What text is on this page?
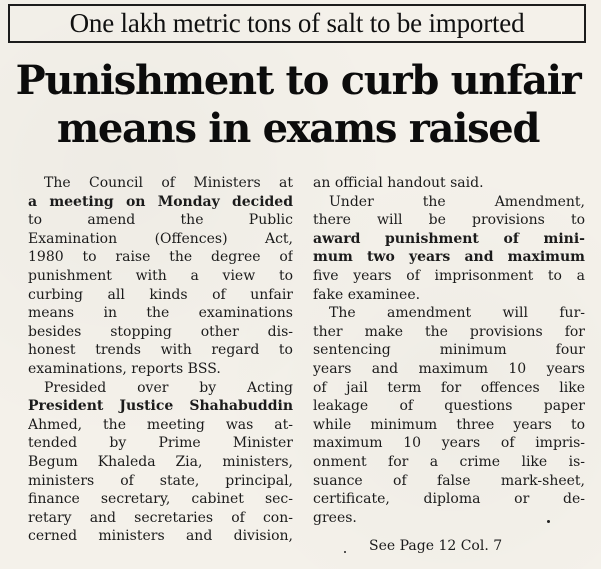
One lakh metric tons of salt to be imported
Punishment to curb unfair
means in exams raised
The Council of Ministers at
a meeting on Monday decided
to amend the Public
Examination (Offences) Act,
1980 to raise the degree of
punishment with a view to
curbing all kinds of unfair
means in the examinations
besides stopping other dis-
honest trends with regard to
examinations, reports BSS.
Presided over by Acting
President Justice Shahabuddin
Ahmed, the meeting was at-
tended by Prime Minister
Begum Khaleda Zia, ministers,
ministers of state, principal,
finance secretary, cabinet sec-
retary and secretaries of con-
cerned ministers and division,
an official handout said.
Under the Amendment,
there will be provisions to
award punishment of mini-
mum two years and maximum
five years of imprisonment to a
fake examinee.
The amendment will fur-
ther make the provisions for
sentencing minimum four
years and maximum 10 years
of jail term for offences like
leakage of questions paper
while minimum three years to
maximum 10 years of impris-
onment for a crime like is-
suance of false mark-sheet,
certificate, diploma or de-
grees.
See Page 12 Col. 7
